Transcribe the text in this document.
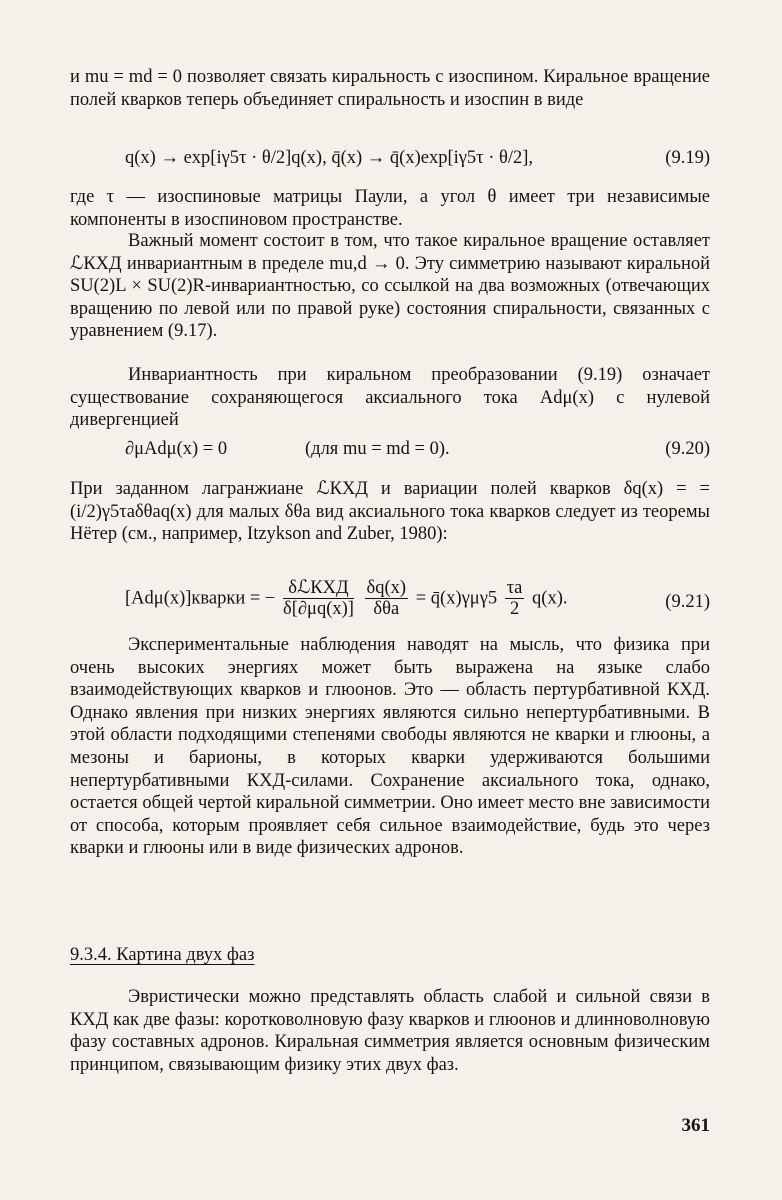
и mu = md = 0 позволяет связать киральность с изоспином. Киральное вращение полей кварков теперь объединяет спиральность и изоспин в виде

q(x) → exp[iγ5τ · θ/2]q(x), q̄(x) → q̄(x)exp[iγ5τ · θ/2],	(9.19)

где τ — изоспиновые матрицы Паули, а угол θ имеет три независимые компоненты в изоспиновом пространстве.

Важный момент состоит в том, что такое киральное вращение оставляет ℒКХД инвариантным в пределе mu,d → 0. Эту симметрию называют киральной SU(2)L × SU(2)R-инвариантностью, со ссылкой на два возможных (отвечающих вращению по левой или по правой руке) состояния спиральности, связанных с уравнением (9.17).

Инвариантность при киральном преобразовании (9.19) означает существование сохраняющегося аксиального тока Adμ(x) с нулевой дивергенцией

∂μAdμ(x) = 0	(для mu = md = 0).	(9.20)

При заданном лагранжиане ℒКХД и вариации полей кварков δq(x) = = (i/2)γ5τaδθaq(x) для малых δθa вид аксиального тока кварков следует из теоремы Нётер (см., например, Itzykson and Zuber, 1980):

[Adμ(x)]кварки = − $\frac{\text{δℒКХД}}{\delta[\partial\mu q(x)]}$
$\frac{\delta q(x)}{\text{δθa}}$ = q̄(x)γμγ5 $\frac{\tau a}{2} q(x)$.	(9.21)

Экспериментальные наблюдения наводят на мысль, что физика при очень высоких энергиях может быть выражена на языке слабо взаимодействующих кварков и глюонов. Это — область пертурбативной КХД. Однако явления при низких энергиях являются сильно непертурбативными. В этой области подходящими степенями свободы являются не кварки и глюоны, а мезоны и барионы, в которых кварки удерживаются большими непертурбативными КХД-силами. Сохранение аксиального тока, однако, остается общей чертой киральной симметрии. Оно имеет место вне зависимости от способа, которым проявляет себя сильное взаимодействие, будь это через кварки и глюоны или в виде физических адронов.

9.3.4. Картина двух фаз

Эвристически можно представлять область слабой и сильной связи в КХД как две фазы: коротковолновую фазу кварков и глюонов и длинноволновую фазу составных адронов. Киральная симметрия является основным физическим принципом, связывающим физику этих двух фаз.

361
